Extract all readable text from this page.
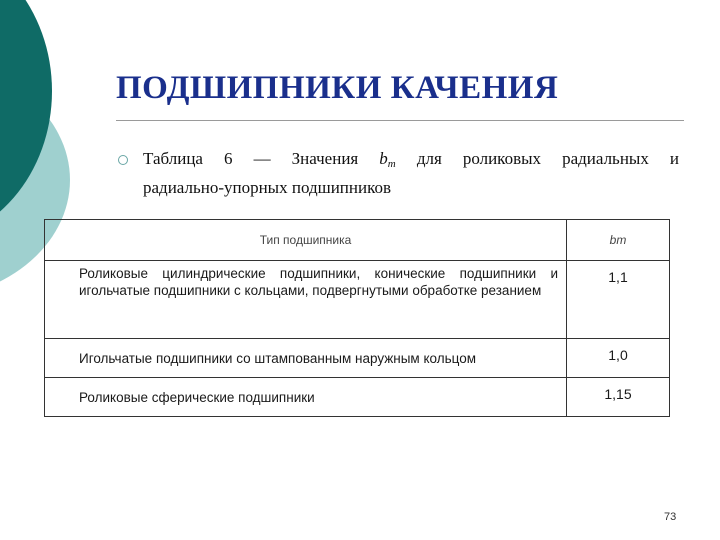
ПОДШИПНИКИ КАЧЕНИЯ
Таблица 6 — Значения $b_m$ для роликовых радиальных и
радиально-упорных подшипников
Тип подшипника	bm
Роликовые цилиндрические подшипники, конические подшипники и игольчатые подшипники с кольцами, подвергнутыми обработке резанием	1,1
Игольчатые подшипники со штампованным наружным кольцом	1,0
Роликовые сферические подшипники	1,15
73
